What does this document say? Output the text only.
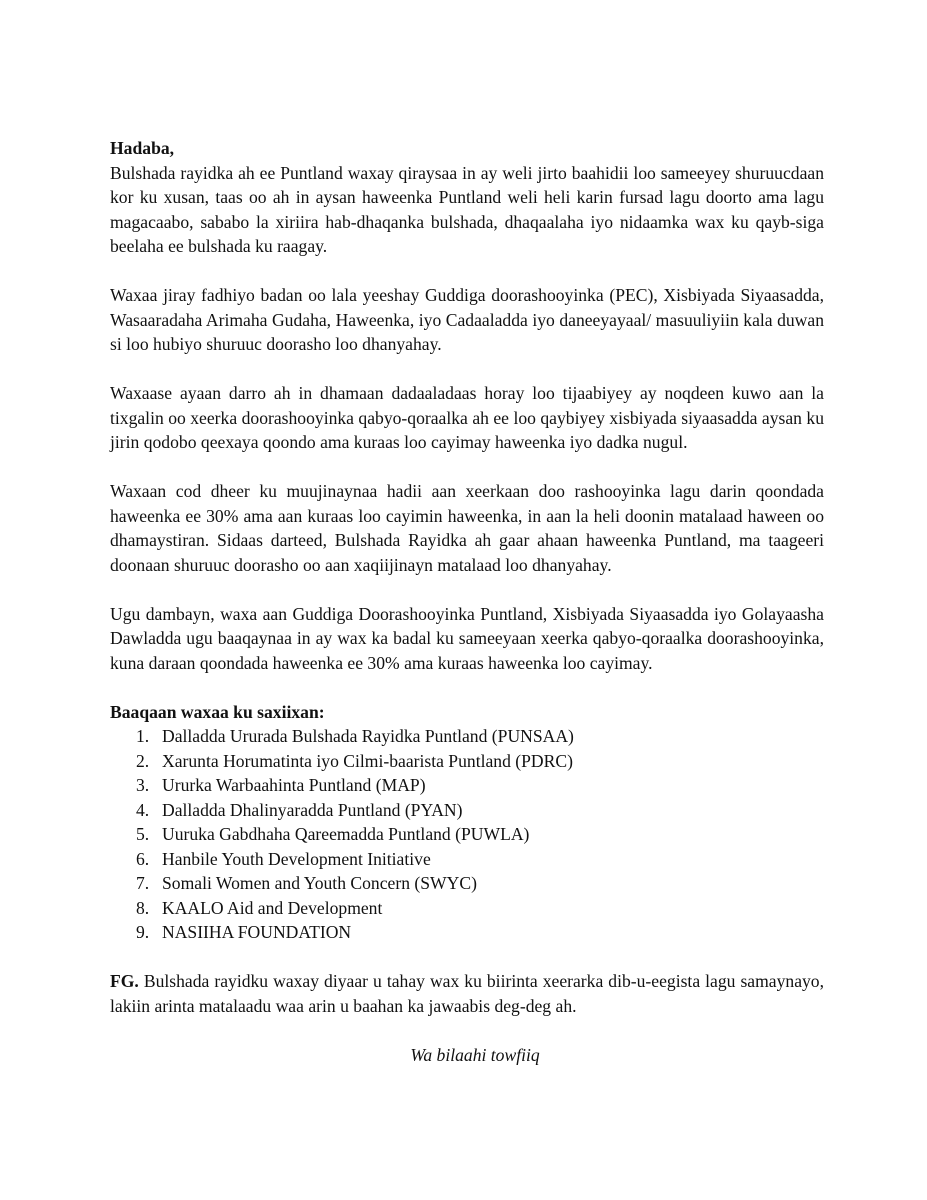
Hadaba,

Bulshada rayidka ah ee Puntland waxay qiraysaa in ay weli jirto baahidii loo sameeyey shuruucdaan kor ku xusan, taas oo ah in aysan haweenka Puntland weli heli karin fursad lagu doorto ama lagu magacaabo, sababo la xiriira hab-dhaqanka bulshada, dhaqaalaha iyo nidaamka wax ku qayb-siga beelaha ee bulshada ku raagay.

Waxaa jiray fadhiyo badan oo lala yeeshay Guddiga doorashooyinka (PEC), Xisbiyada Siyaasadda, Wasaaradaha Arimaha Gudaha, Haweenka, iyo Cadaaladda iyo daneeyayaal/ masuuliyiin kala duwan si loo hubiyo shuruuc doorasho loo dhanyahay.

Waxaase ayaan darro ah in dhamaan dadaaladaas horay loo tijaabiyey ay noqdeen kuwo aan la tixgalin oo xeerka doorashooyinka qabyo-qoraalka ah ee loo qaybiyey xisbiyada siyaasadda aysan ku jirin qodobo qeexaya qoondo ama kuraas loo cayimay haweenka iyo dadka nugul.

Waxaan cod dheer ku muujinaynaa hadii aan xeerkaan doo rashooyinka lagu darin qoondada haweenka ee 30% ama aan kuraas loo cayimin haweenka, in aan la heli doonin matalaad haween oo dhamaystiran. Sidaas darteed, Bulshada Rayidka ah gaar ahaan haweenka Puntland, ma taageeri doonaan shuruuc doorasho oo aan xaqiijinayn matalaad loo dhanyahay.

Ugu dambayn, waxa aan Guddiga Doorashooyinka Puntland, Xisbiyada Siyaasadda iyo Golayaasha Dawladda ugu baaqaynaa in ay wax ka badal ku sameeyaan xeerka qabyo-qoraalka doorashooyinka, kuna daraan qoondada haweenka ee 30% ama kuraas haweenka loo cayimay.

Baaqaan waxaa ku saxiixan:

1. Dalladda Ururada Bulshada Rayidka Puntland (PUNSAA)
2. Xarunta Horumatinta iyo Cilmi-baarista Puntland (PDRC)
3. Ururka Warbaahinta Puntland (MAP)
4. Dalladda Dhalinyaradda Puntland (PYAN)
5. Uuruka Gabdhaha Qareemadda Puntland (PUWLA)
6. Hanbile Youth Development Initiative
7. Somali Women and Youth Concern (SWYC)
8. KAALO Aid and Development
9. NASIIHA FOUNDATION

FG. Bulshada rayidku waxay diyaar u tahay wax ku biirinta xeerarka dib-u-eegista lagu samaynayo, lakiin arinta matalaadu waa arin u baahan ka jawaabis deg-deg ah.

Wa bilaahi towfiiq
